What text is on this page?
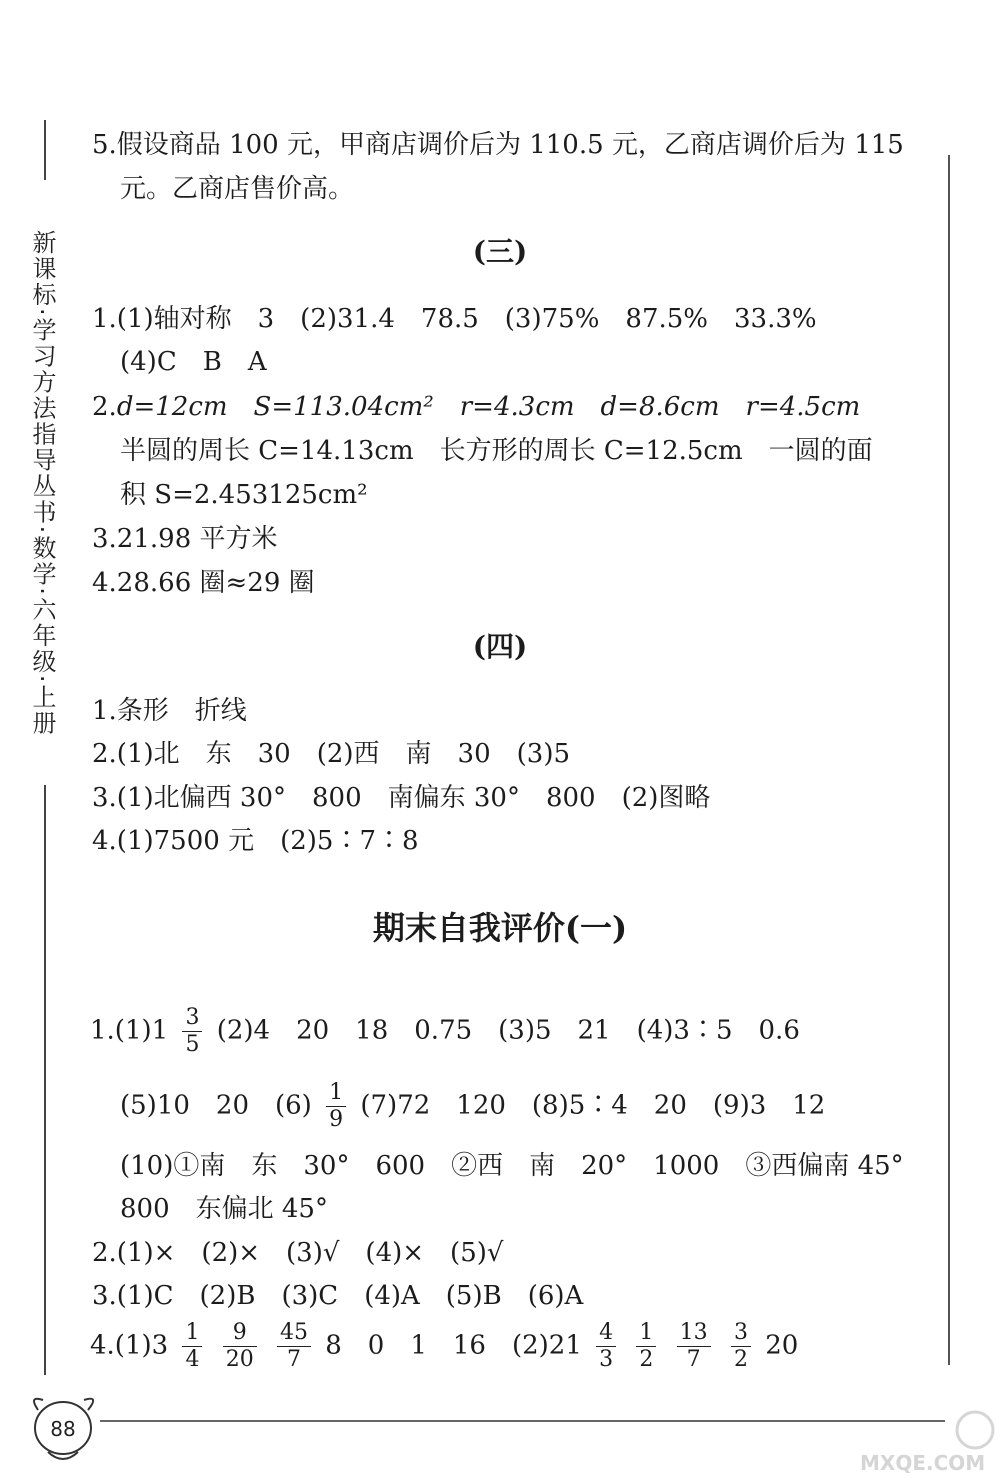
新课标·学习方法指导丛书·数学·六年级·上册
5.假设商品 100 元，甲商店调价后为 110.5 元，乙商店调价后为 115
元。乙商店售价高。
(三)
1.(1)轴对称　3　(2)31.4　78.5　(3)75%　87.5%　33.3%
(4)C　B　A
2.d=12cm　S=113.04cm²　r=4.3cm　d=8.6cm　r=4.5cm
半圆的周长 C=14.13cm　长方形的周长 C=12.5cm　一圆的面
积 S=2.453125cm²
3.21.98 平方米
4.28.66 圈≈29 圈
(四)
1.条形　折线
2.(1)北　东　30　(2)西　南　30　(3)5
3.(1)北偏西 30°　800　南偏东 30°　800　(2)图略
4.(1)7500 元　(2)5∶7∶8
期末自我评价(一)
$1.(1)1 \frac{3}{5} (2)4$　20　18　0.75　(3)5　21　(4)3∶5　0.6
(5)10　20　$(6) \frac{1}{9} (7)72$　120　(8)5∶4　20　(9)3　12
(10)①南　东　30°　600　②西　南　20°　1000　③西偏南 45°
800　东偏北 45°
2.(1)×　(2)×　(3)√　(4)×　(5)√
3.(1)C　(2)B　(3)C　(4)A　(5)B　(6)A
$4.(1)3 \frac{1}{4}$
$\frac{9}{20}$
$\frac{45}{7} 8$　0　1　16　$(2)21 \frac{4}{3}$
$\frac{1}{2}$
$\frac{13}{7}$
$\frac{3}{2} 20$
88
MXQE.COM
